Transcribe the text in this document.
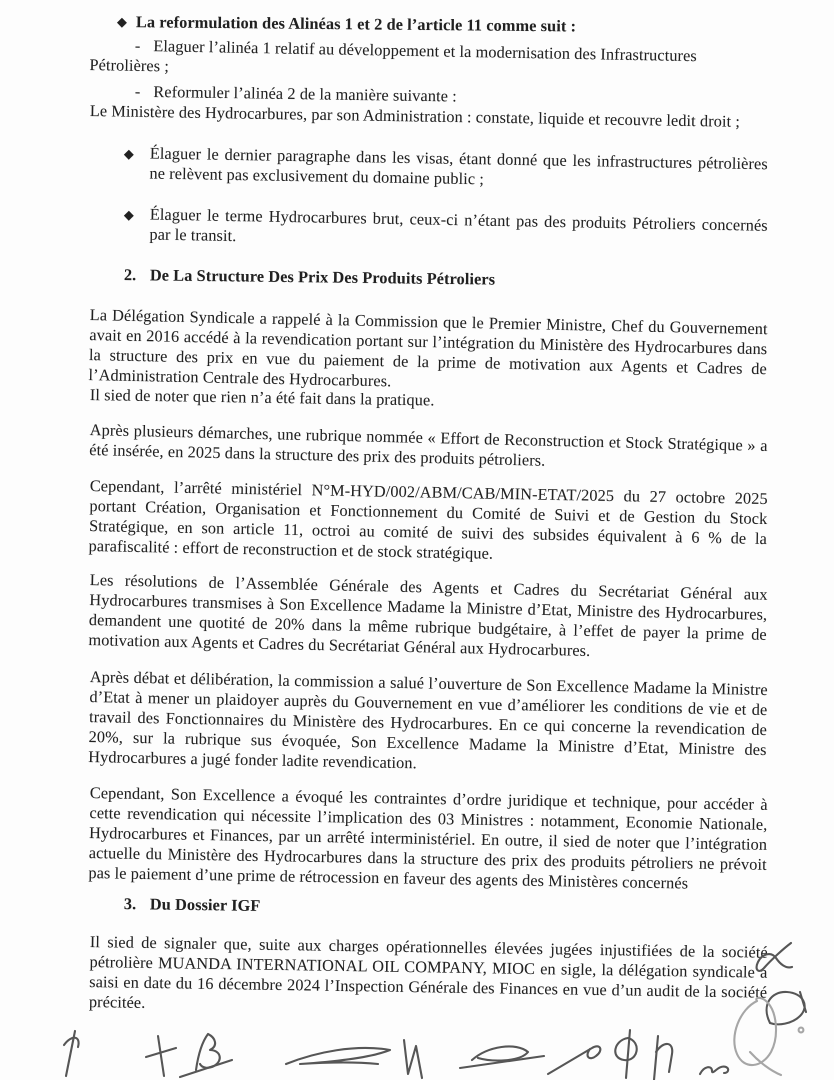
◆ La reformulation des Alinéas 1 et 2 de l’article 11 comme suit :
- Elaguer l’alinéa 1 relatif au développement et la modernisation des Infrastructures Pétrolières ;
- Reformuler l’alinéa 2 de la manière suivante :
Le Ministère des Hydrocarbures, par son Administration : constate, liquide et recouvre ledit droit ;
◆ Élaguer le dernier paragraphe dans les visas, étant donné que les infrastructures pétrolières ne relèvent pas exclusivement du domaine public ;
◆ Élaguer le terme Hydrocarbures brut, ceux-ci n’étant pas des produits Pétroliers concernés par le transit.
2. De La Structure Des Prix Des Produits Pétroliers
La Délégation Syndicale a rappelé à la Commission que le Premier Ministre, Chef du Gouvernement avait en 2016 accédé à la revendication portant sur l’intégration du Ministère des Hydrocarbures dans la structure des prix en vue du paiement de la prime de motivation aux Agents et Cadres de l’Administration Centrale des Hydrocarbures.
Il sied de noter que rien n’a été fait dans la pratique.
Après plusieurs démarches, une rubrique nommée « Effort de Reconstruction et Stock Stratégique » a été insérée, en 2025 dans la structure des prix des produits pétroliers.
Cependant, l’arrêté ministériel N°M-HYD/002/ABM/CAB/MIN-ETAT/2025 du 27 octobre 2025 portant Création, Organisation et Fonctionnement du Comité de Suivi et de Gestion du Stock Stratégique, en son article 11, octroi au comité de suivi des subsides équivalent à 6 % de la parafiscalité : effort de reconstruction et de stock stratégique.
Les résolutions de l’Assemblée Générale des Agents et Cadres du Secrétariat Général aux Hydrocarbures transmises à Son Excellence Madame la Ministre d’Etat, Ministre des Hydrocarbures, demandent une quotité de 20% dans la même rubrique budgétaire, à l’effet de payer la prime de motivation aux Agents et Cadres du Secrétariat Général aux Hydrocarbures.
Après débat et délibération, la commission a salué l’ouverture de Son Excellence Madame la Ministre d’Etat à mener un plaidoyer auprès du Gouvernement en vue d’améliorer les conditions de vie et de travail des Fonctionnaires du Ministère des Hydrocarbures. En ce qui concerne la revendication de 20%, sur la rubrique sus évoquée, Son Excellence Madame la Ministre d’Etat, Ministre des Hydrocarbures a jugé fonder ladite revendication.
Cependant, Son Excellence a évoqué les contraintes d’ordre juridique et technique, pour accéder à cette revendication qui nécessite l’implication des 03 Ministres : notamment, Economie Nationale, Hydrocarbures et Finances, par un arrêté interministériel. En outre, il sied de noter que l’intégration actuelle du Ministère des Hydrocarbures dans la structure des prix des produits pétroliers ne prévoit pas le paiement d’une prime de rétrocession en faveur des agents des Ministères concernés
3. Du Dossier IGF
Il sied de signaler que, suite aux charges opérationnelles élevées jugées injustifiées de la société pétrolière MUANDA INTERNATIONAL OIL COMPANY, MIOC en sigle, la délégation syndicale a saisi en date du 16 décembre 2024 l’Inspection Générale des Finances en vue d’un audit de la société précitée.
